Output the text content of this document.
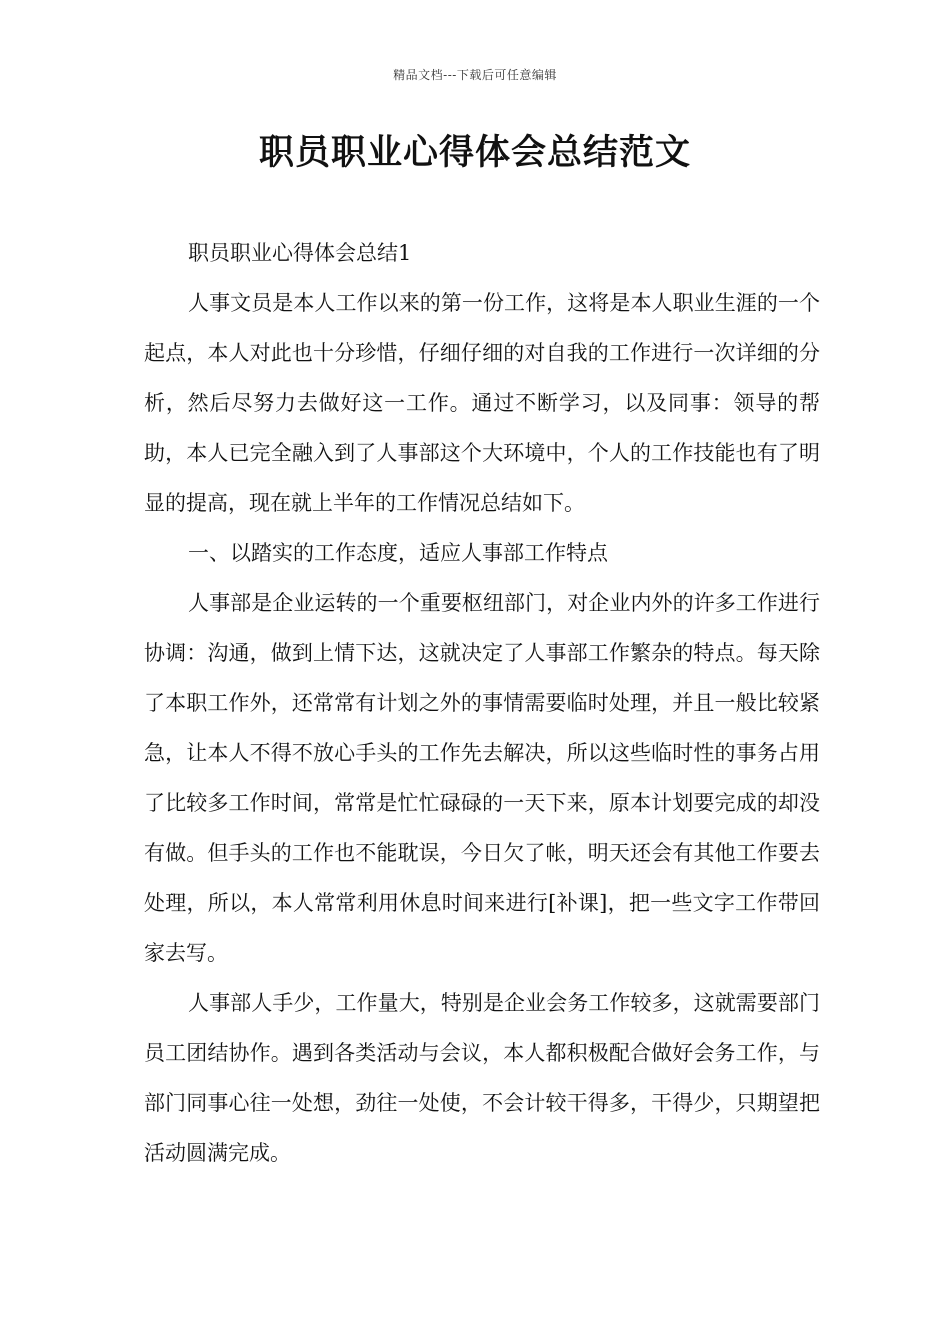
精品文档---下载后可任意编辑
职员职业心得体会总结范文

职员职业心得体会总结1

人事文员是本人工作以来的第一份工作，这将是本人职业生涯的一个起点，本人对此也十分珍惜，仔细仔细的对自我的工作进行一次详细的分析，然后尽努力去做好这一工作。通过不断学习，以及同事：领导的帮助，本人已完全融入到了人事部这个大环境中，个人的工作技能也有了明显的提高，现在就上半年的工作情况总结如下。

一、以踏实的工作态度，适应人事部工作特点

人事部是企业运转的一个重要枢纽部门，对企业内外的许多工作进行协调：沟通，做到上情下达，这就决定了人事部工作繁杂的特点。每天除了本职工作外，还常常有计划之外的事情需要临时处理，并且一般比较紧急，让本人不得不放心手头的工作先去解决，所以这些临时性的事务占用了比较多工作时间，常常是忙忙碌碌的一天下来，原本计划要完成的却没有做。但手头的工作也不能耽误，今日欠了帐，明天还会有其他工作要去处理，所以，本人常常利用休息时间来进行[补课]，把一些文字工作带回家去写。

人事部人手少，工作量大，特别是企业会务工作较多，这就需要部门员工团结协作。遇到各类活动与会议，本人都积极配合做好会务工作，与部门同事心往一处想，劲往一处使，不会计较干得多，干得少，只期望把活动圆满完成。
